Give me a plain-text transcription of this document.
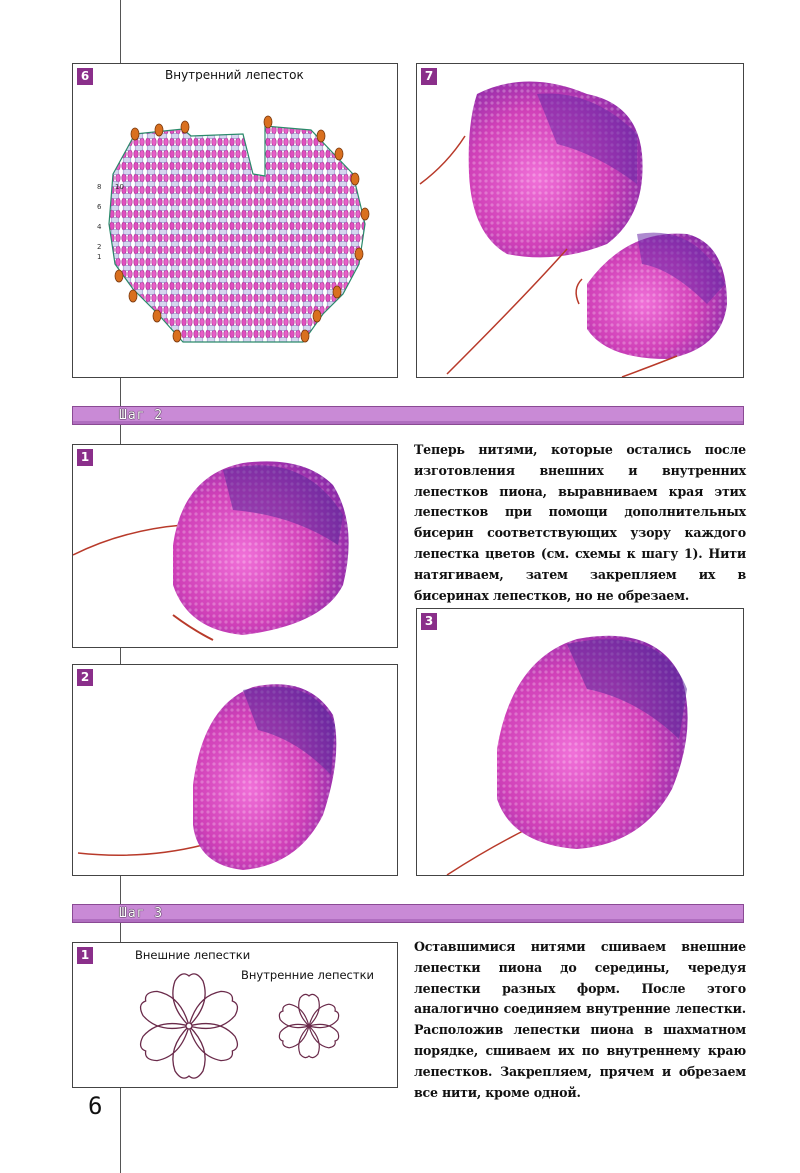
6	Внутренний лепесток
1
2
4
6
8 10
7
Шаг 2
1
2
3
Теперь нитями, которые остались после изготовления внешних и внутренних лепестков пиона, выравниваем края этих лепестков при помощи дополнительных бисерин соответствующих узору каждого лепестка цветов (см. схемы к шагу 1). Нити натягиваем, затем закрепляем их в бисеринах лепестков, но не обрезаем.
Шаг 3
1	Внешние лепестки
Внутренние лепестки
Оставшимися нитями сшиваем внешние лепестки пиона до середины, чередуя лепестки разных форм. После этого аналогично соединяем внутренние лепестки. Расположив лепестки пиона в шахматном порядке, сшиваем их по внутреннему краю лепестков. Закрепляем, прячем и обрезаем все нити, кроме одной.
6
